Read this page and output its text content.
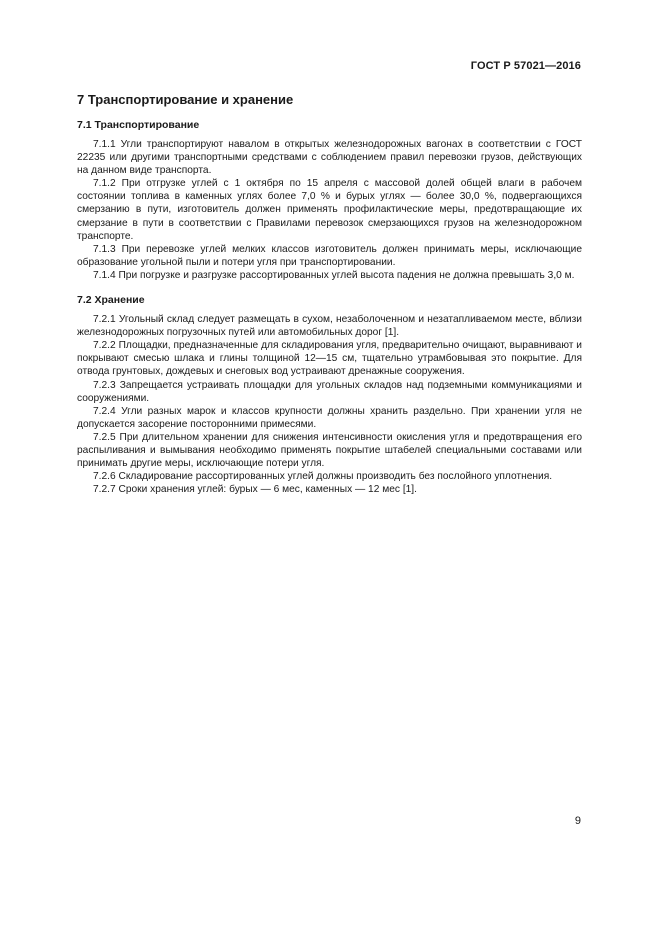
ГОСТ Р 57021—2016
7 Транспортирование и хранение
7.1 Транспортирование

7.1.1 Угли транспортируют навалом в открытых железнодорожных вагонах в соответствии с ГОСТ 22235 или другими транспортными средствами с соблюдением правил перевозки грузов, действующих на данном виде транспорта.

7.1.2 При отгрузке углей с 1 октября по 15 апреля с массовой долей общей влаги в рабочем состоянии топлива в каменных углях более 7,0 % и бурых углях — более 30,0 %, подвергающихся смерзанию в пути, изготовитель должен применять профилактические меры, предотвращающие их смерзание в пути в соответствии с Правилами перевозок смерзающихся грузов на железнодорожном транспорте.

7.1.3 При перевозке углей мелких классов изготовитель должен принимать меры, исключающие образование угольной пыли и потери угля при транспортировании.

7.1.4 При погрузке и разгрузке рассортированных углей высота падения не должна превышать 3,0 м.

7.2 Хранение

7.2.1 Угольный склад следует размещать в сухом, незаболоченном и незатапливаемом месте, вблизи железнодорожных погрузочных путей или автомобильных дорог [1].

7.2.2 Площадки, предназначенные для складирования угля, предварительно очищают, выравнивают и покрывают смесью шлака и глины толщиной 12—15 см, тщательно утрамбовывая это покрытие. Для отвода грунтовых, дождевых и снеговых вод устраивают дренажные сооружения.

7.2.3 Запрещается устраивать площадки для угольных складов над подземными коммуникациями и сооружениями.

7.2.4 Угли разных марок и классов крупности должны хранить раздельно. При хранении угля не допускается засорение посторонними примесями.

7.2.5 При длительном хранении для снижения интенсивности окисления угля и предотвращения его распыливания и вымывания необходимо применять покрытие штабелей специальными составами или принимать другие меры, исключающие потери угля.

7.2.6 Складирование рассортированных углей должны производить без послойного уплотнения.

7.2.7 Сроки хранения углей: бурых — 6 мес, каменных — 12 мес [1].

9
